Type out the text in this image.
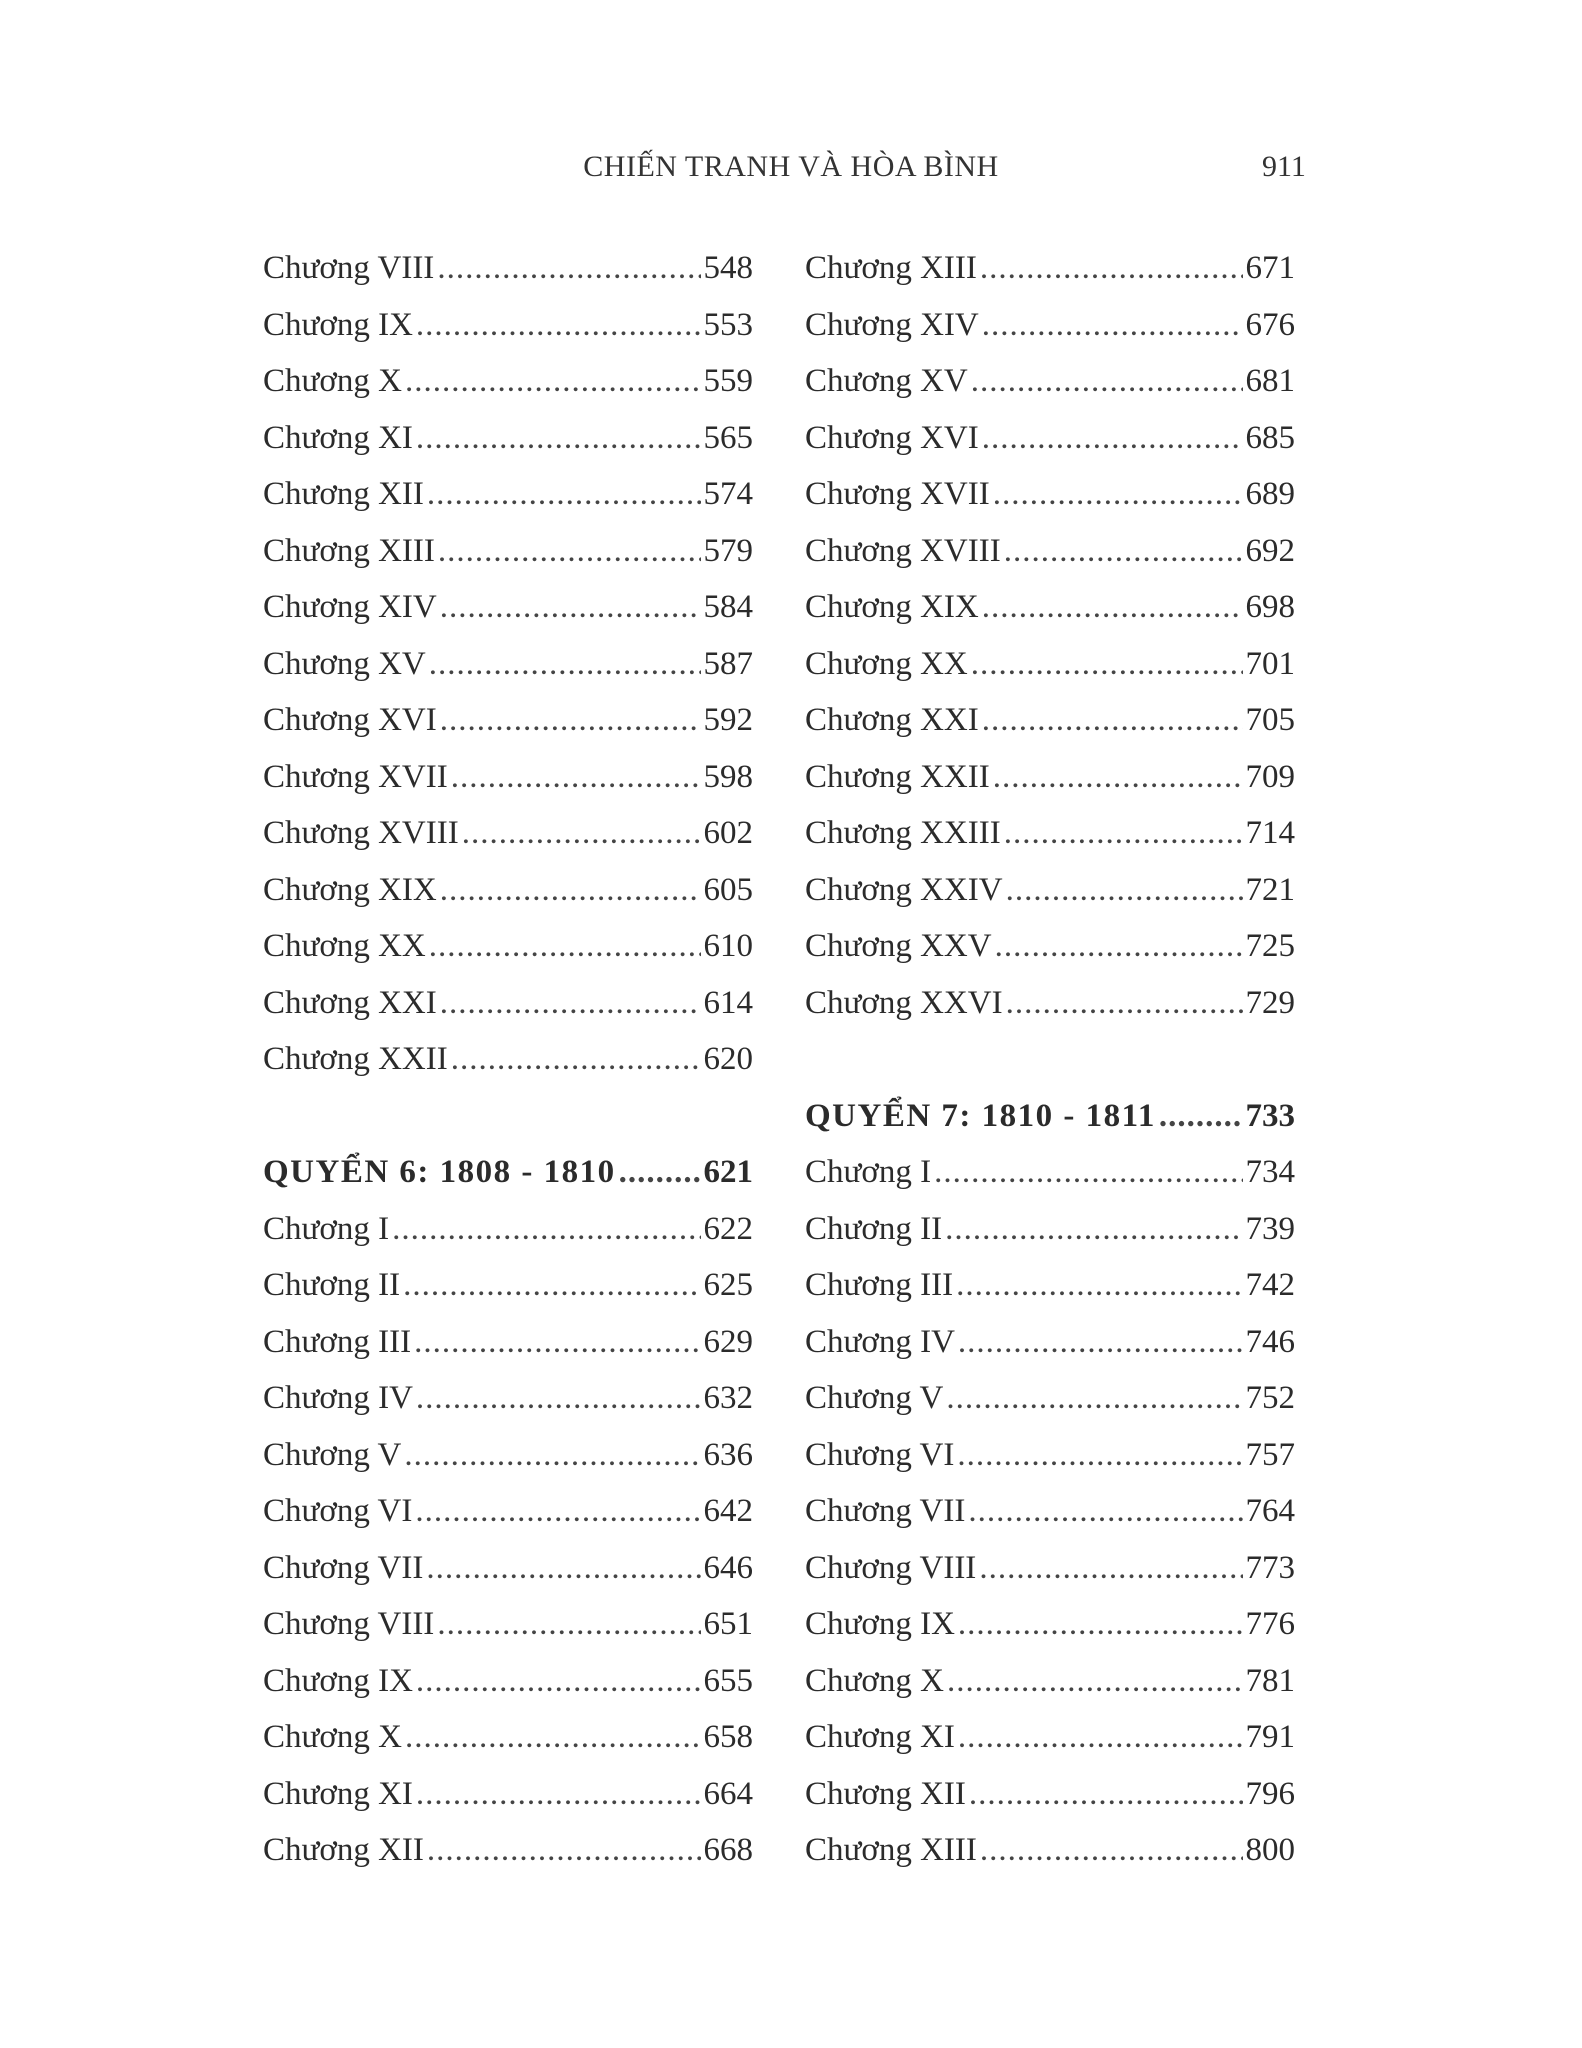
CHIẾN TRANH VÀ HÒA BÌNH	911
Chương VIII .....	548
Chương IX .....	553
Chương X .....	559
Chương XI .....	565
Chương XII .....	574
Chương XIII .....	579
Chương XIV .....	584
Chương XV .....	587
Chương XVI .....	592
Chương XVII .....	598
Chương XVIII .....	602
Chương XIX .....	605
Chương XX .....	610
Chương XXI .....	614
Chương XXII .....	620
QUYỂN 6: 1808 - 1810 .....	621
Chương I .....	622
Chương II .....	625
Chương III .....	629
Chương IV .....	632
Chương V .....	636
Chương VI .....	642
Chương VII .....	646
Chương VIII .....	651
Chương IX .....	655
Chương X .....	658
Chương XI .....	664
Chương XII .....	668
Chương XIII .....	671
Chương XIV .....	676
Chương XV .....	681
Chương XVI .....	685
Chương XVII .....	689
Chương XVIII .....	692
Chương XIX .....	698
Chương XX .....	701
Chương XXI .....	705
Chương XXII .....	709
Chương XXIII .....	714
Chương XXIV .....	721
Chương XXV .....	725
Chương XXVI .....	729
QUYỂN 7: 1810 - 1811 .....	733
Chương I .....	734
Chương II .....	739
Chương III .....	742
Chương IV .....	746
Chương V .....	752
Chương VI .....	757
Chương VII .....	764
Chương VIII .....	773
Chương IX .....	776
Chương X .....	781
Chương XI .....	791
Chương XII .....	796
Chương XIII .....	800
